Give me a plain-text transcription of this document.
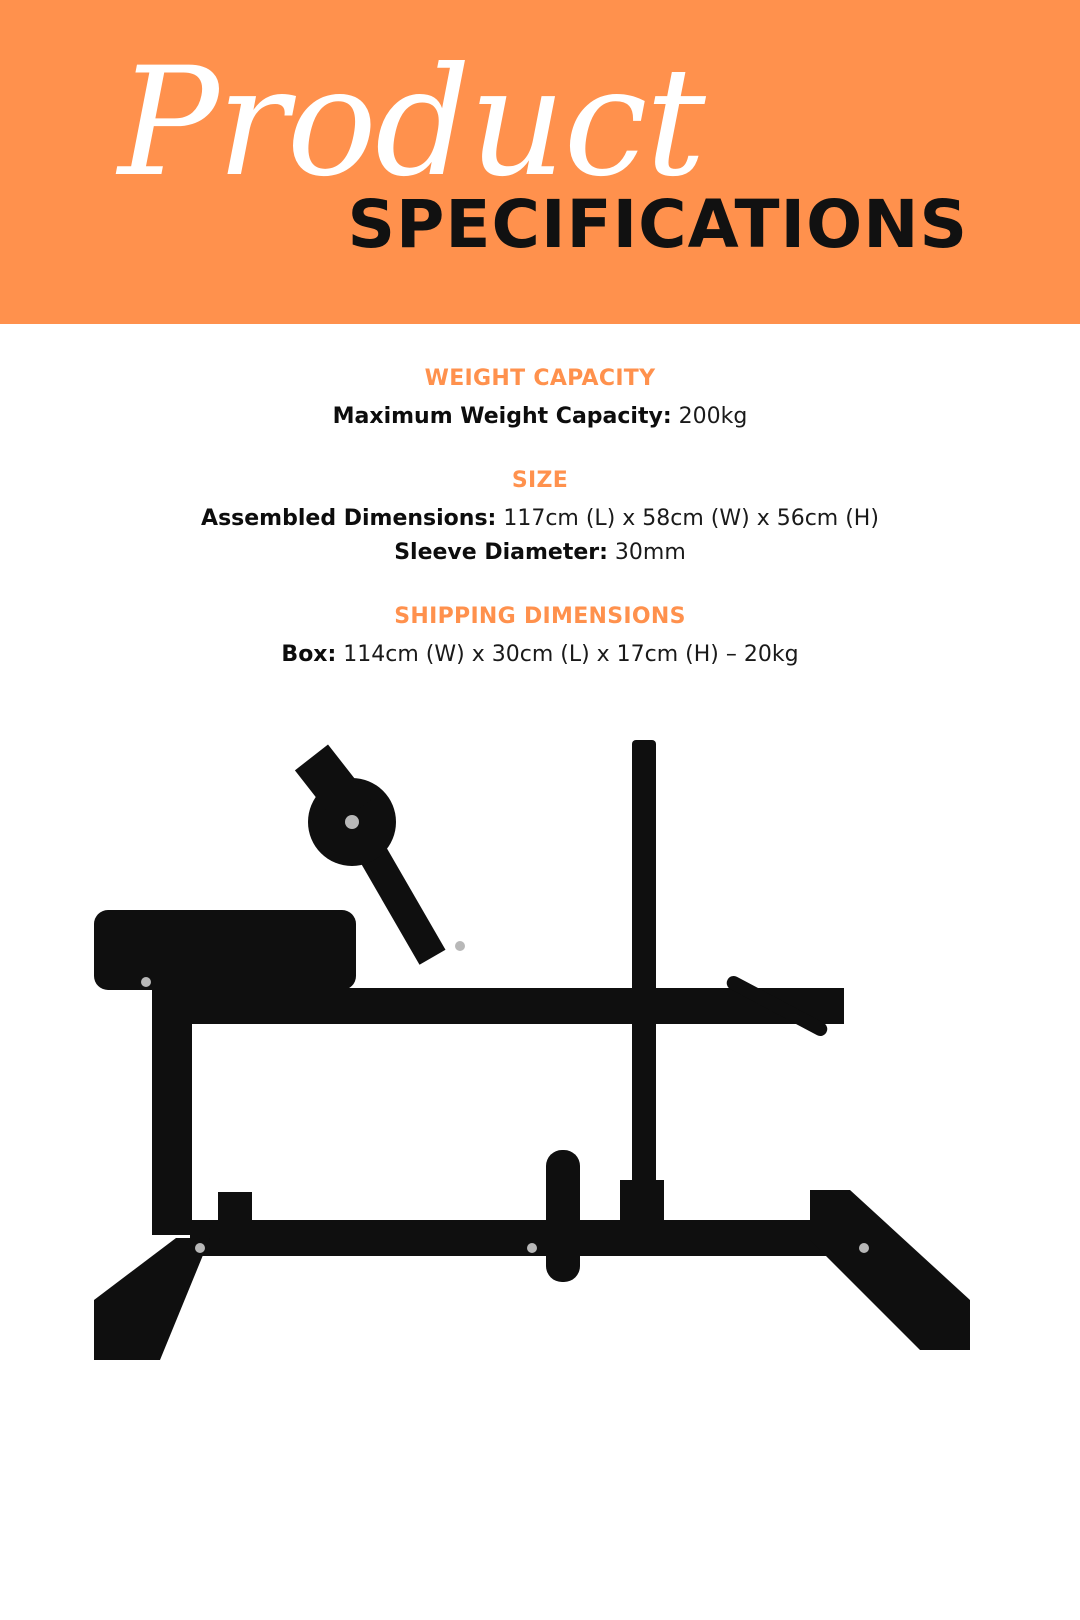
Product
SPECIFICATIONS

WEIGHT CAPACITY

Maximum Weight Capacity: 200kg

SIZE

Assembled Dimensions: 117cm (L) x 58cm (W) x 56cm (H)

Sleeve Diameter: 30mm

SHIPPING DIMENSIONS

Box: 114cm (W) x 30cm (L) x 17cm (H) – 20kg
